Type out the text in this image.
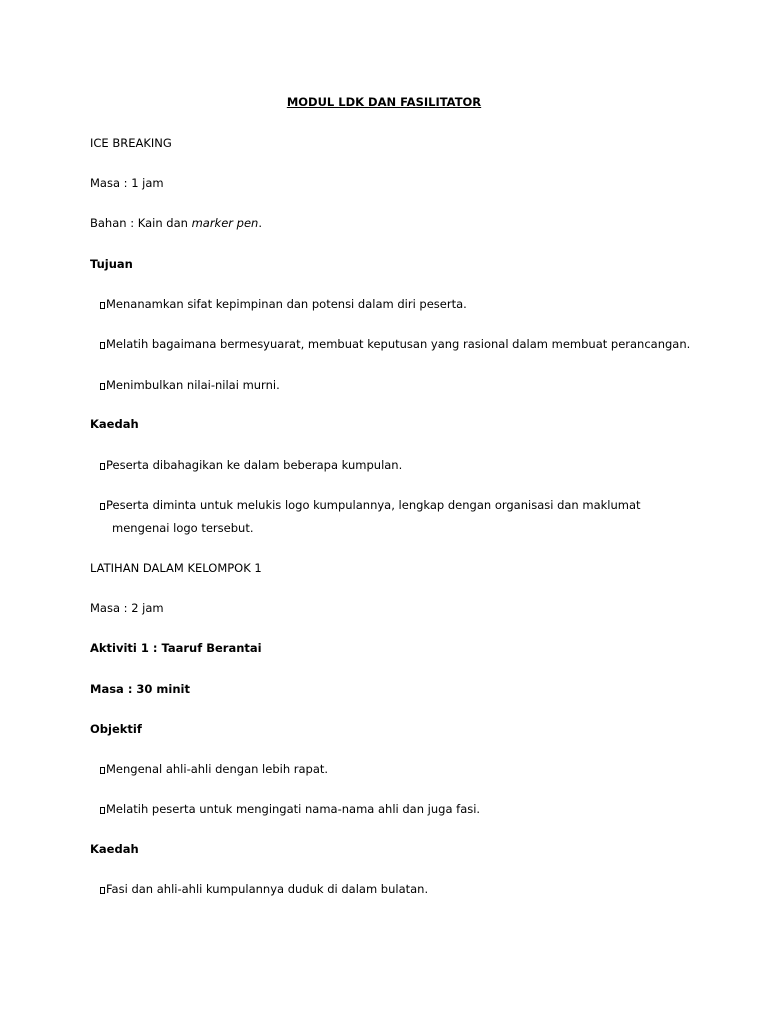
MODUL LDK DAN FASILITATOR
ICE BREAKING
Masa : 1 jam
Bahan : Kain dan marker pen.
Tujuan
Menanamkan sifat kepimpinan dan potensi dalam diri peserta.
Melatih bagaimana bermesyuarat, membuat keputusan yang rasional dalam membuat perancangan.
Menimbulkan nilai-nilai murni.
Kaedah
Peserta dibahagikan ke dalam beberapa kumpulan.
Peserta diminta untuk melukis logo kumpulannya, lengkap dengan organisasi dan maklumat
mengenai logo tersebut.
LATIHAN DALAM KELOMPOK 1
Masa : 2 jam
Aktiviti 1 : Taaruf Berantai
Masa : 30 minit
Objektif
Mengenal ahli-ahli dengan lebih rapat.
Melatih peserta untuk mengingati nama-nama ahli dan juga fasi.
Kaedah
Fasi dan ahli-ahli kumpulannya duduk di dalam bulatan.
